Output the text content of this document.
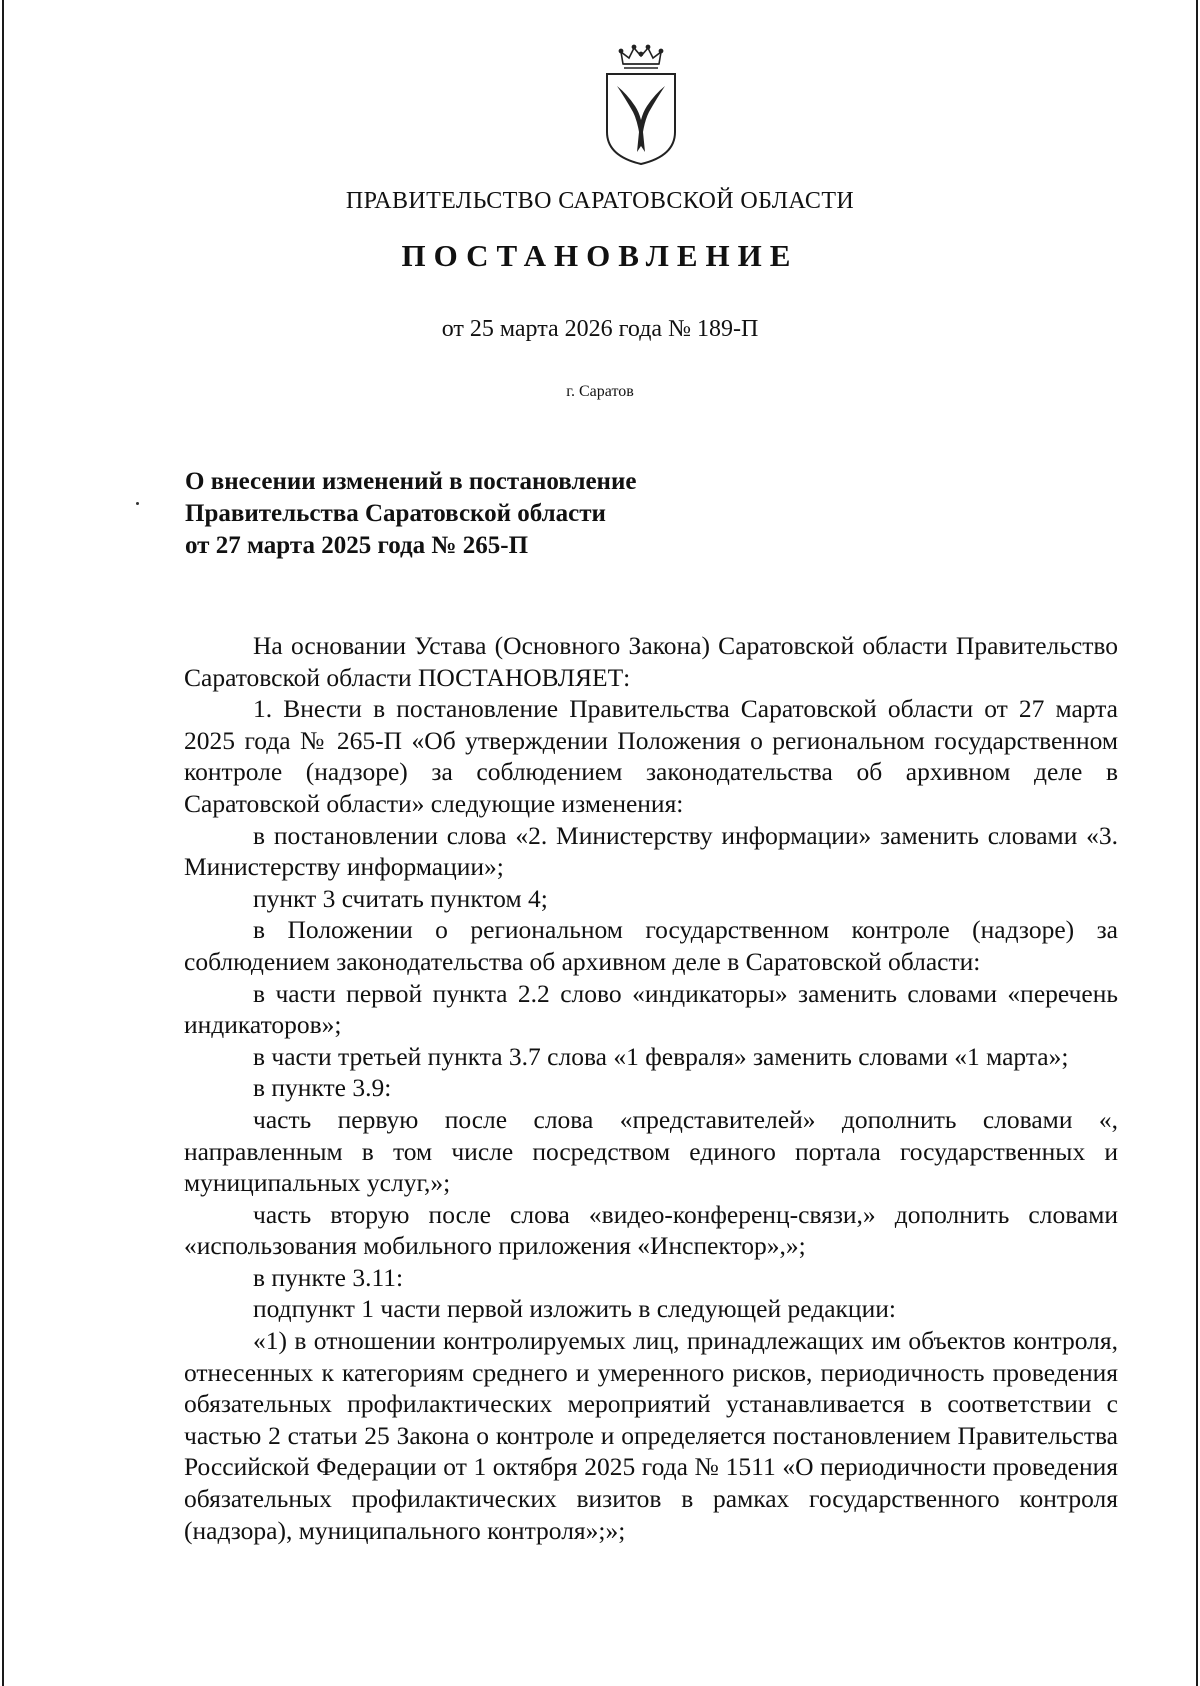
ПРАВИТЕЛЬСТВО САРАТОВСКОЙ ОБЛАСТИ
ПОСТАНОВЛЕНИЕ
от 25 марта 2026 года № 189-П
г. Саратов
О внесении изменений в постановление
Правительства Саратовской области
от 27 марта 2025 года № 265-П

На основании Устава (Основного Закона) Саратовской области Правительство Саратовской области ПОСТАНОВЛЯЕТ:

1. Внести в постановление Правительства Саратовской области от 27 марта 2025 года № 265-П «Об утверждении Положения о региональном государственном контроле (надзоре) за соблюдением законодательства об архивном деле в Саратовской области» следующие изменения:

в постановлении слова «2. Министерству информации» заменить словами «3. Министерству информации»;

пункт 3 считать пунктом 4;

в Положении о региональном государственном контроле (надзоре) за соблюдением законодательства об архивном деле в Саратовской области:

в части первой пункта 2.2 слово «индикаторы» заменить словами «перечень индикаторов»;

в части третьей пункта 3.7 слова «1 февраля» заменить словами «1 марта»;

в пункте 3.9:

часть первую после слова «представителей» дополнить словами «, направленным в том числе посредством единого портала государственных и муниципальных услуг,»;

часть вторую после слова «видео-конференц-связи,» дополнить словами «использования мобильного приложения «Инспектор»,»;

в пункте 3.11:

подпункт 1 части первой изложить в следующей редакции:

«1) в отношении контролируемых лиц, принадлежащих им объектов контроля, отнесенных к категориям среднего и умеренного рисков, периодичность проведения обязательных профилактических мероприятий устанавливается в соответствии с частью 2 статьи 25 Закона о контроле и определяется постановлением Правительства Российской Федерации от 1 октября 2025 года № 1511 «О периодичности проведения обязательных профилактических визитов в рамках государственного контроля (надзора), муниципального контроля»;»;
